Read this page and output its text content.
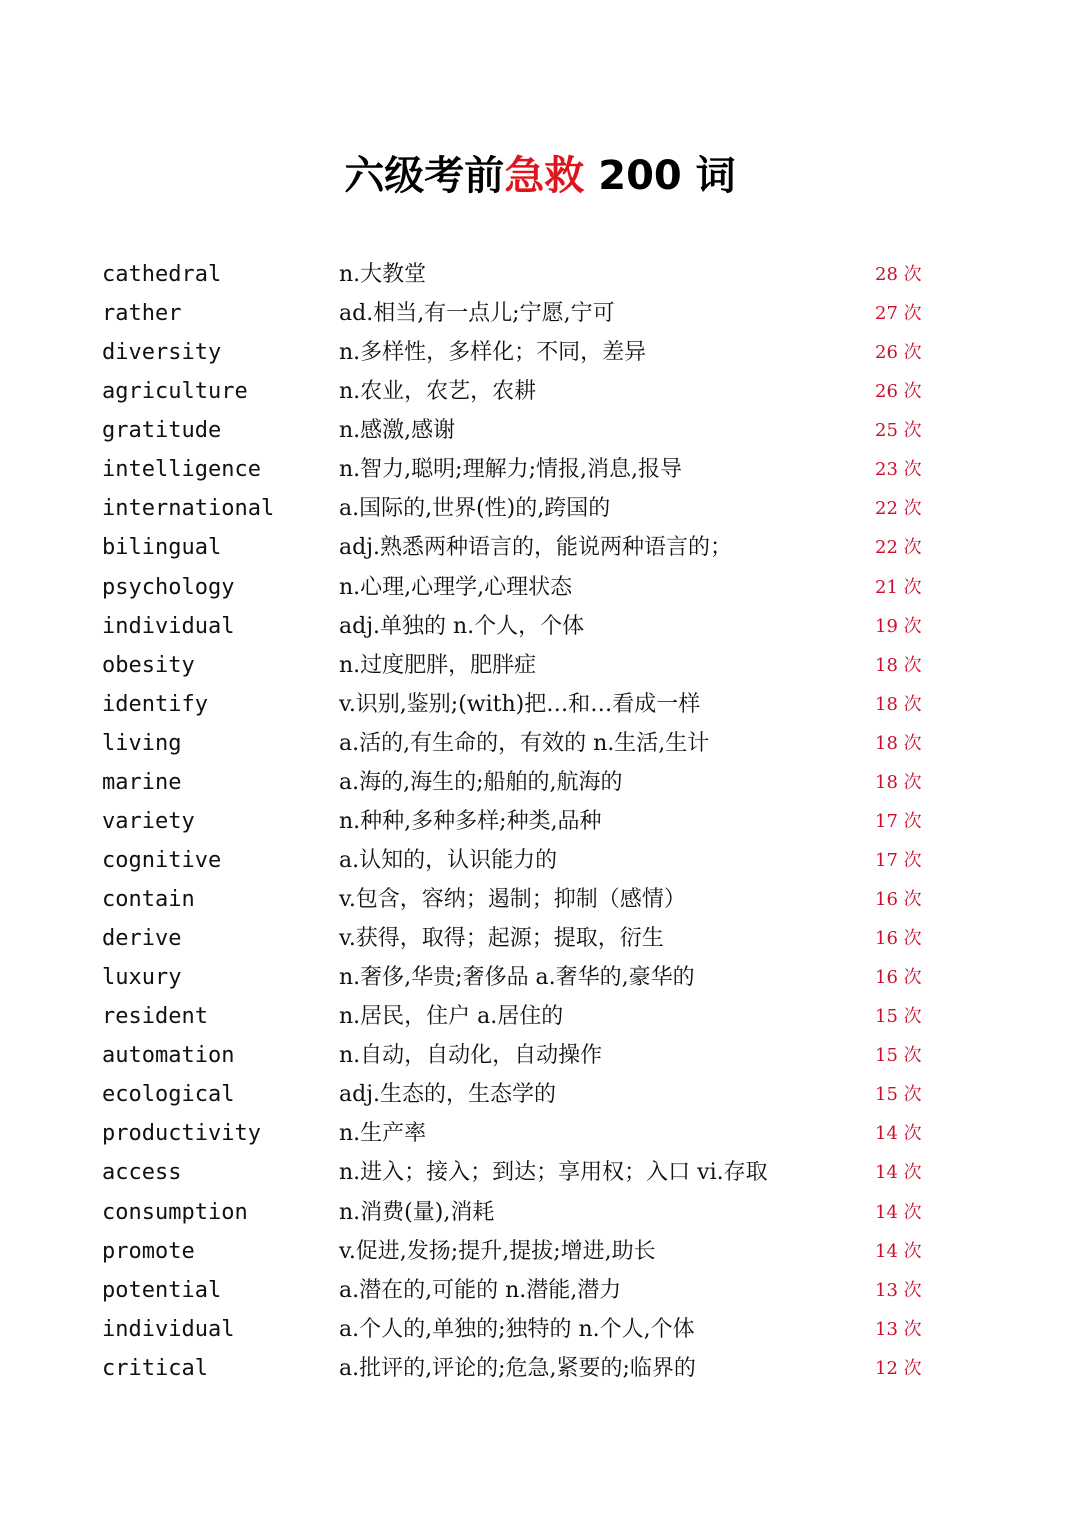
六级考前急救 200 词
cathedral	n.大教堂	28 次
rather	ad.相当,有一点儿;宁愿,宁可	27 次
diversity	n.多样性，多样化；不同，差异	26 次
agriculture	n.农业，农艺，农耕	26 次
gratitude	n.感激,感谢	25 次
intelligence	n.智力,聪明;理解力;情报,消息,报导	23 次
international	a.国际的,世界(性)的,跨国的	22 次
bilingual	adj.熟悉两种语言的，能说两种语言的；	22 次
psychology	n.心理,心理学,心理状态	21 次
individual	adj.单独的 n.个人，个体	19 次
obesity	n.过度肥胖，肥胖症	18 次
identify	v.识别,鉴别;(with)把…和…看成一样	18 次
living	a.活的,有生命的，有效的 n.生活,生计	18 次
marine	a.海的,海生的;船舶的,航海的	18 次
variety	n.种种,多种多样;种类,品种	17 次
cognitive	a.认知的，认识能力的	17 次
contain	v.包含，容纳；遏制；抑制（感情）	16 次
derive	v.获得，取得；起源；提取，衍生	16 次
luxury	n.奢侈,华贵;奢侈品 a.奢华的,豪华的	16 次
resident	n.居民，住户 a.居住的	15 次
automation	n.自动，自动化，自动操作	15 次
ecological	adj.生态的，生态学的	15 次
productivity	n.生产率	14 次
access	n.进入；接入；到达；享用权；入口 vi.存取	14 次
consumption	n.消费(量),消耗	14 次
promote	v.促进,发扬;提升,提拔;增进,助长	14 次
potential	a.潜在的,可能的 n.潜能,潜力	13 次
individual	a.个人的,单独的;独特的 n.个人,个体	13 次
critical	a.批评的,评论的;危急,紧要的;临界的	12 次
